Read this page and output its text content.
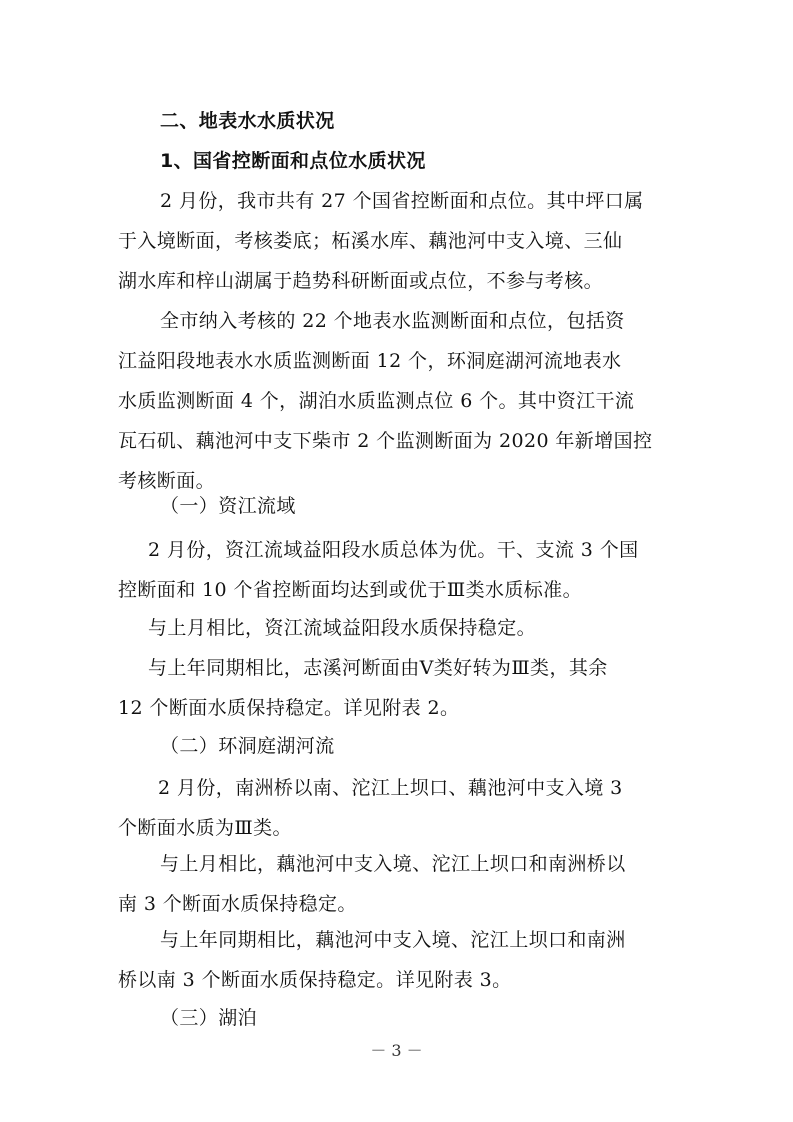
二、地表水水质状况
1、国省控断面和点位水质状况
2 月份，我市共有 27 个国省控断面和点位。其中坪口属
于入境断面，考核娄底；柘溪水库、藕池河中支入境、三仙
湖水库和梓山湖属于趋势科研断面或点位，不参与考核。
全市纳入考核的 22 个地表水监测断面和点位，包括资
江益阳段地表水水质监测断面 12 个，环洞庭湖河流地表水
水质监测断面 4 个，湖泊水质监测点位 6 个。其中资江干流
瓦石矶、藕池河中支下柴市 2 个监测断面为 2020 年新增国控
考核断面。
（一）资江流域
2 月份，资江流域益阳段水质总体为优。干、支流 3 个国
控断面和 10 个省控断面均达到或优于Ⅲ类水质标准。
与上月相比，资江流域益阳段水质保持稳定。
与上年同期相比，志溪河断面由Ⅴ类好转为Ⅲ类，其余
12 个断面水质保持稳定。详见附表 2。
（二）环洞庭湖河流
2 月份，南洲桥以南、沱江上坝口、藕池河中支入境 3
个断面水质为Ⅲ类。
与上月相比，藕池河中支入境、沱江上坝口和南洲桥以
南 3 个断面水质保持稳定。
与上年同期相比，藕池河中支入境、沱江上坝口和南洲
桥以南 3 个断面水质保持稳定。详见附表 3。
（三）湖泊
－ 3 －
